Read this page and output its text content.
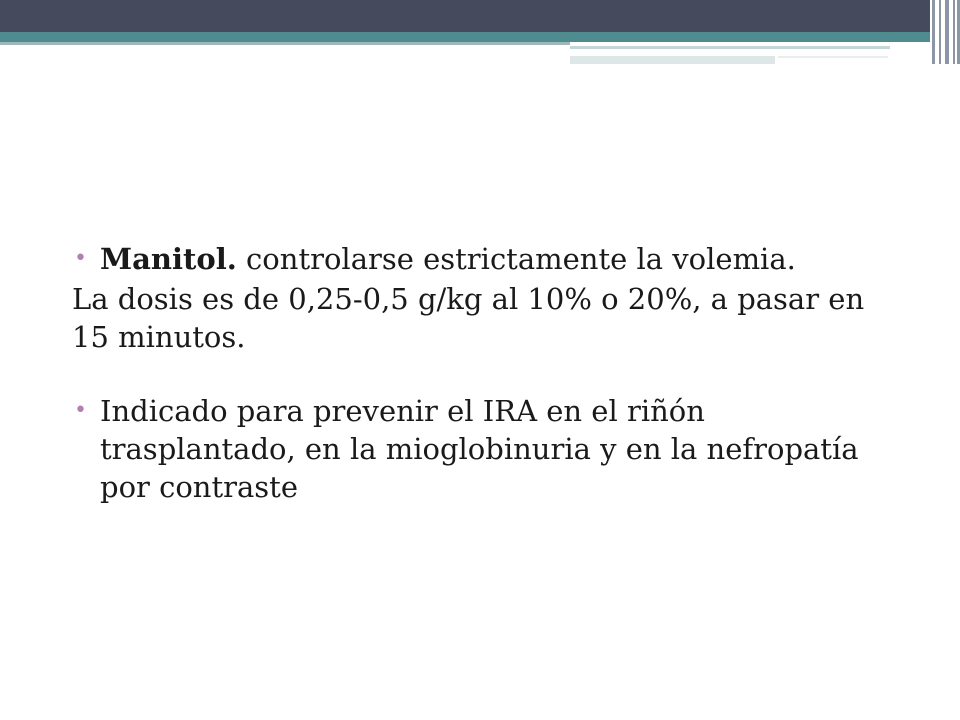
• Manitol. controlarse estrictamente la volemia.
La dosis es de 0,25-0,5 g/kg al 10% o 20%, a pasar en 15 minutos.
• Indicado para prevenir el IRA en el riñón trasplantado, en la mioglobinuria y en la nefropatía por contraste
